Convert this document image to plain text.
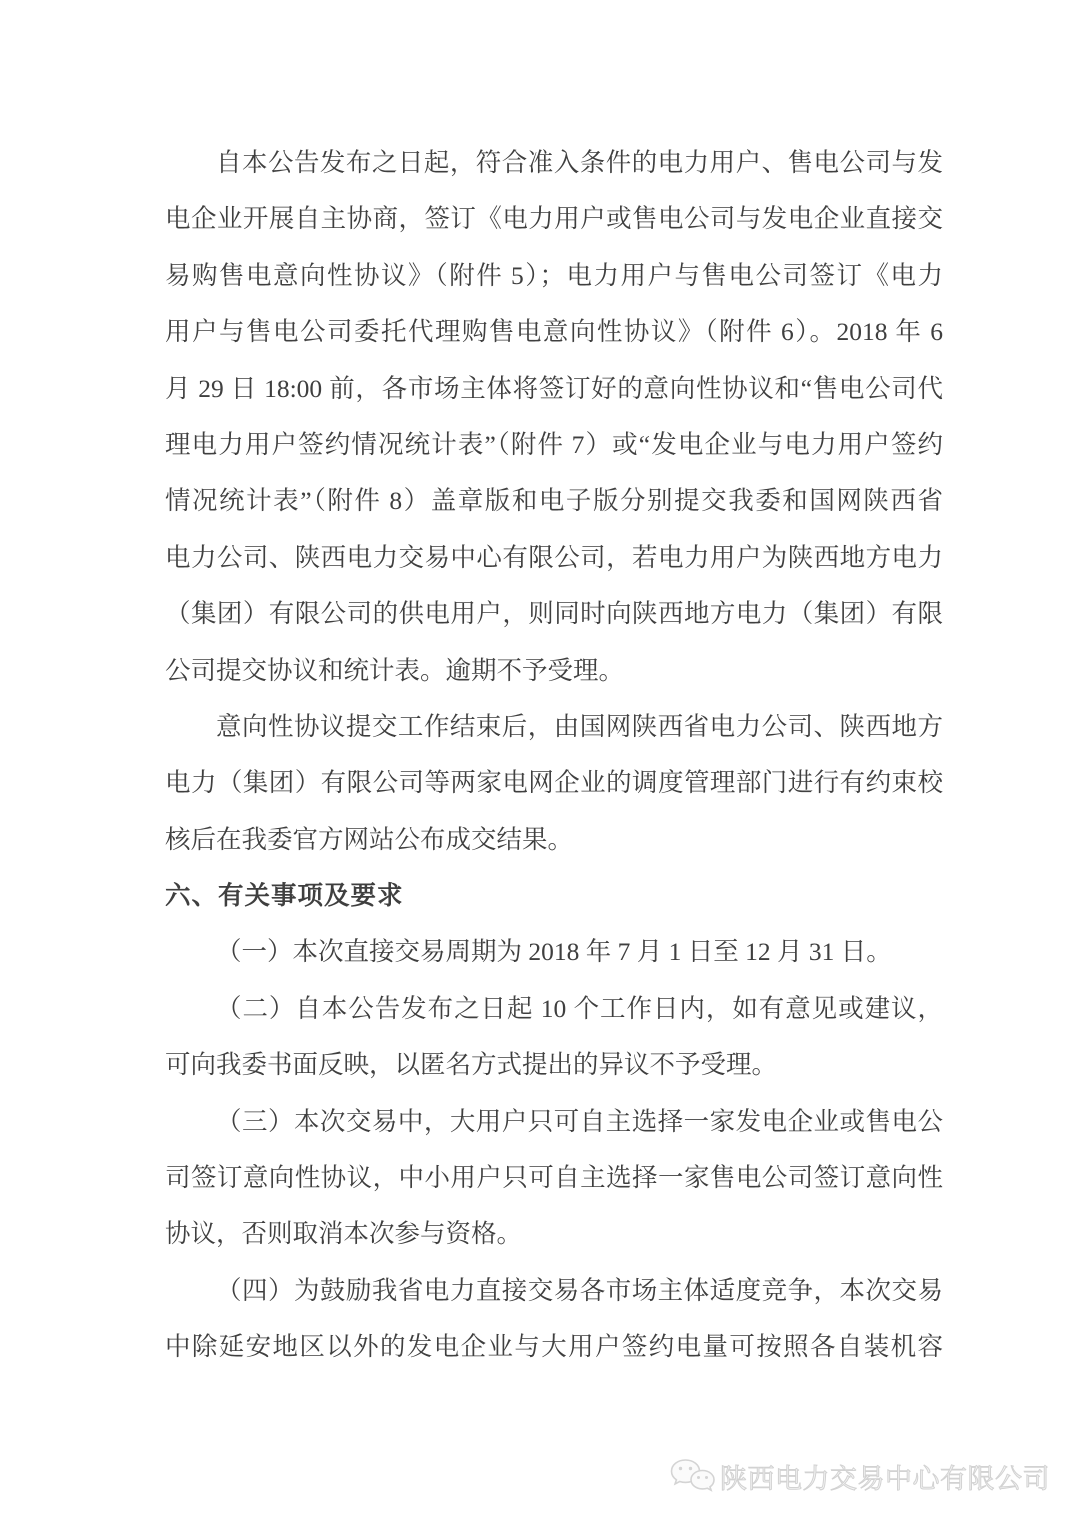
自本公告发布之日起，符合准入条件的电力用户、售电公司与发
电企业开展自主协商，签订《电力用户或售电公司与发电企业直接交
易购售电意向性协议》（附件 5）；电力用户与售电公司签订《电力
用户与售电公司委托代理购售电意向性协议》（附件 6）。2018 年 6
月 29 日 18:00 前，各市场主体将签订好的意向性协议和“售电公司代
理电力用户签约情况统计表”（附件 7）或“发电企业与电力用户签约
情况统计表”（附件 8）盖章版和电子版分别提交我委和国网陕西省
电力公司、陕西电力交易中心有限公司，若电力用户为陕西地方电力
（集团）有限公司的供电用户，则同时向陕西地方电力（集团）有限
公司提交协议和统计表。逾期不予受理。
意向性协议提交工作结束后，由国网陕西省电力公司、陕西地方
电力（集团）有限公司等两家电网企业的调度管理部门进行有约束校
核后在我委官方网站公布成交结果。
六、有关事项及要求
（一）本次直接交易周期为 2018 年 7 月 1 日至 12 月 31 日。
（二）自本公告发布之日起 10 个工作日内，如有意见或建议，
可向我委书面反映，以匿名方式提出的异议不予受理。
（三）本次交易中，大用户只可自主选择一家发电企业或售电公
司签订意向性协议，中小用户只可自主选择一家售电公司签订意向性
协议，否则取消本次参与资格。
（四）为鼓励我省电力直接交易各市场主体适度竞争，本次交易
中除延安地区以外的发电企业与大用户签约电量可按照各自装机容
陕西电力交易中心有限公司
